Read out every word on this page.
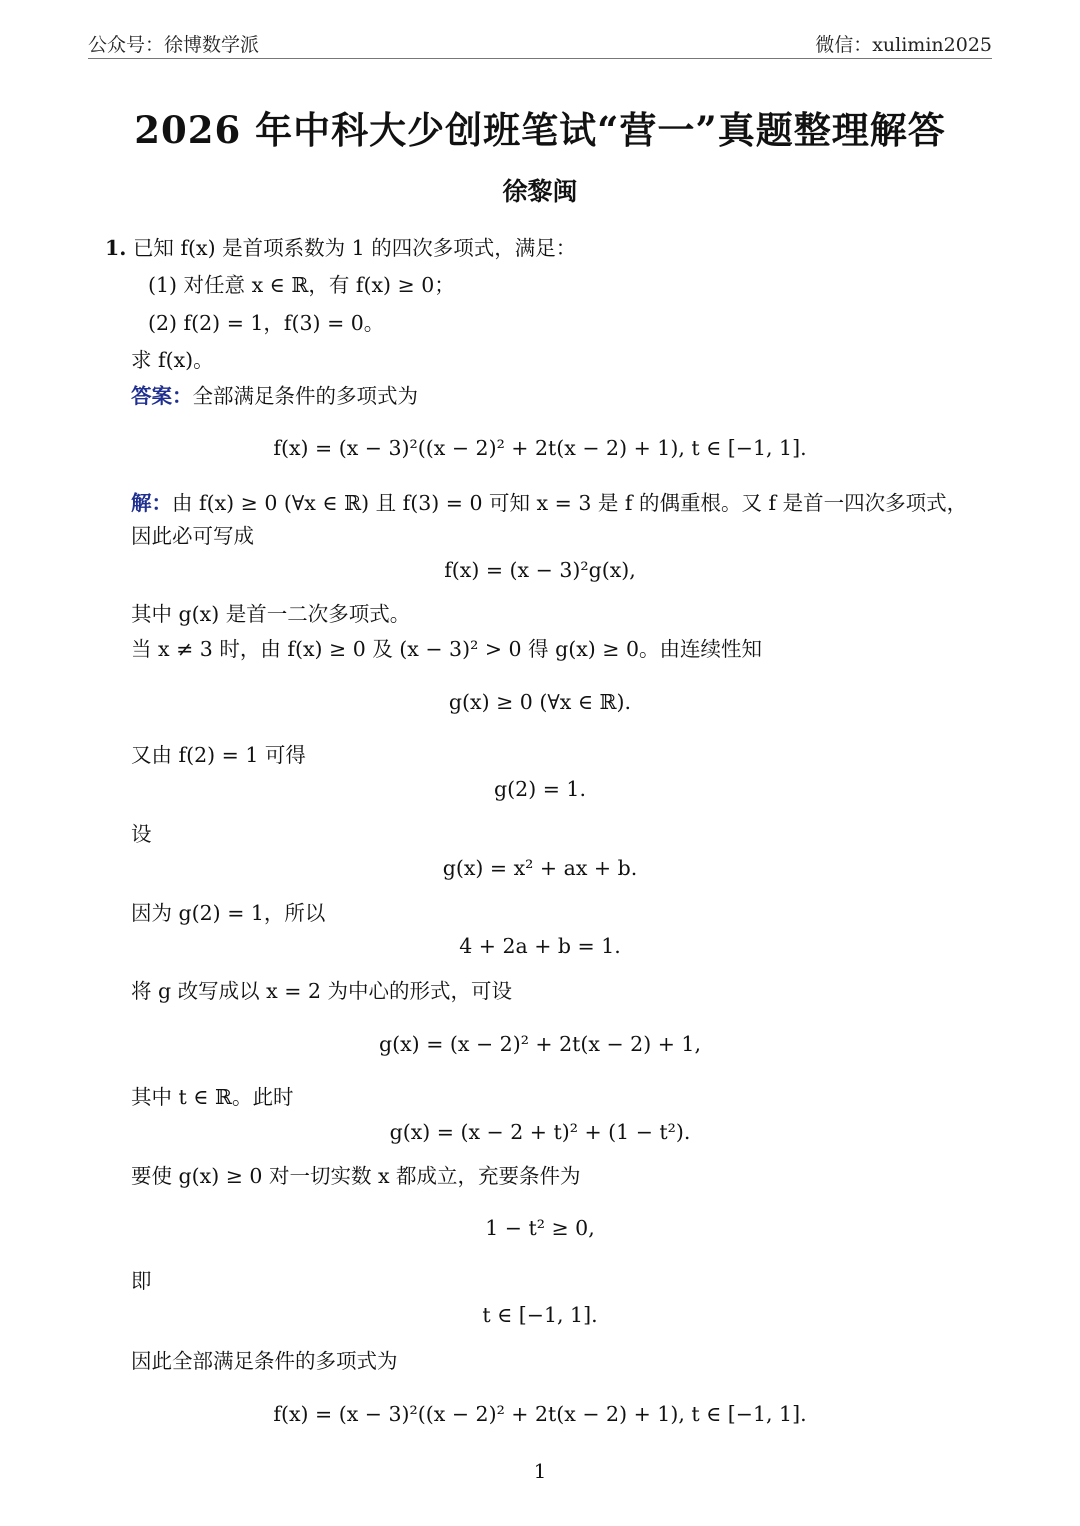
公众号：徐博数学派	微信：xulimin2025
2026 年中科大少创班笔试“营一”真题整理解答
徐黎闽
1. 已知 f(x) 是首项系数为 1 的四次多项式，满足：
(1) 对任意 x ∈ ℝ，有 f(x) ≥ 0；
(2) f(2) = 1，f(3) = 0。
求 f(x)。
答案：全部满足条件的多项式为
f(x) = (x − 3)²((x − 2)² + 2t(x − 2) + 1), t ∈ [−1, 1].
解：由 f(x) ≥ 0 (∀x ∈ ℝ) 且 f(3) = 0 可知 x = 3 是 f 的偶重根。又 f 是首一四次多项式，
因此必可写成
f(x) = (x − 3)²g(x),
其中 g(x) 是首一二次多项式。
当 x ≠ 3 时，由 f(x) ≥ 0 及 (x − 3)² > 0 得 g(x) ≥ 0。由连续性知
g(x) ≥ 0 (∀x ∈ ℝ).
又由 f(2) = 1 可得
g(2) = 1.
设
g(x) = x² + ax + b.
因为 g(2) = 1，所以
4 + 2a + b = 1.
将 g 改写成以 x = 2 为中心的形式，可设
g(x) = (x − 2)² + 2t(x − 2) + 1,
其中 t ∈ ℝ。此时
g(x) = (x − 2 + t)² + (1 − t²).
要使 g(x) ≥ 0 对一切实数 x 都成立，充要条件为
1 − t² ≥ 0,
即
t ∈ [−1, 1].
因此全部满足条件的多项式为
f(x) = (x − 3)²((x − 2)² + 2t(x − 2) + 1), t ∈ [−1, 1].
1
